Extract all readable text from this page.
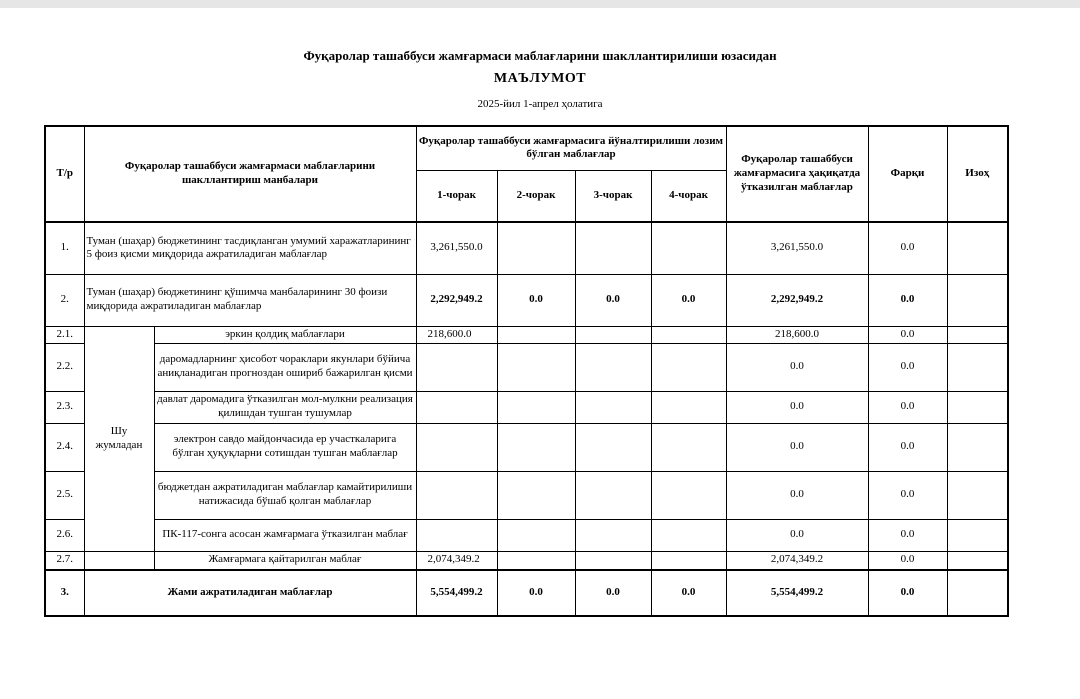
Фуқаролар ташаббуси жамғармаси маблағларини шакллантирилиши юзасидан
МАЪЛУМОТ
2025-йил 1-апрел ҳолатига
Т/р	Фуқаролар ташаббуси жамғармаси маблағларини шакллантириш манбалари		Фуқаролар ташаббуси жамғармасига йўналтирилиши лозим бўлган маблағлар				Фуқаролар ташаббуси жамғармасига ҳақиқатда ўтказилган маблағлар	Фарқи	Изоҳ
			1-чорак	2-чорак	3-чорак	4-чорак			
1.	Туман (шаҳар) бюджетининг тасдиқланган умумий харажатларининг 5 фоиз қисми миқдорида ажратиладиган маблағлар		3,261,550.0				3,261,550.0	0.0	
2.	Туман (шаҳар) бюджетининг қўшимча манбаларининг 30 фоизи миқдорида ажратиладиган маблағлар		2,292,949.2	0.0	0.0	0.0	2,292,949.2	0.0	
2.1.	Шу жумладан	эркин қолдиқ маблағлари	218,600.0				218,600.0	0.0	
2.2.		даромадларнинг ҳисобот чораклари якунлари бўйича аниқланадиган прогноздан ошириб бажарилган қисми					0.0	0.0	
2.3.		давлат даромадига ўтказилган мол-мулкни реализация қилишдан тушган тушумлар					0.0	0.0	
2.4.		электрон савдо майдончасида ер участкаларига бўлган ҳуқуқларни сотишдан тушган маблағлар					0.0	0.0	
2.5.		бюджетдан ажратиладиган маблағлар камайтирилиши натижасида бўшаб қолган маблағлар					0.0	0.0	
2.6.		ПК-117-сонга асосан жамғармага ўтказилган маблағ					0.0	0.0	
2.7.		Жамғармага қайтарилган маблағ	2,074,349.2				2,074,349.2	0.0	
3.	Жами ажратиладиган маблағлар		5,554,499.2	0.0	0.0	0.0	5,554,499.2	0.0	
